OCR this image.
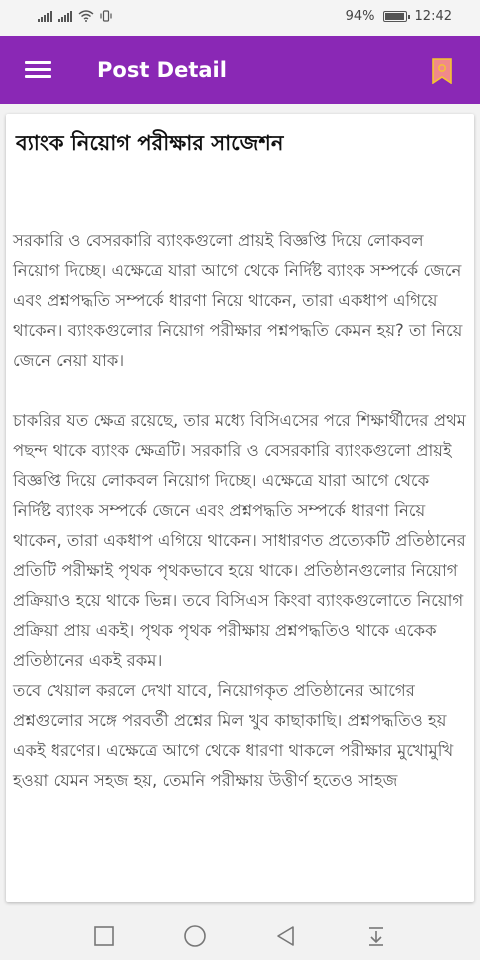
94%	12:42
Post Detail
ব্যাংক নিয়োগ পরীক্ষার সাজেশন

সরকারি ও বেসরকারি ব্যাংকগুলো প্রায়ই বিজ্ঞপ্তি দিয়ে লোকবল নিয়োগ দিচ্ছে। এক্ষেত্রে যারা আগে থেকে নির্দিষ্ট ব্যাংক সম্পর্কে জেনে এবং প্রশ্নপদ্ধতি সম্পর্কে ধারণা নিয়ে থাকেন, তারা একধাপ এগিয়ে থাকেন। ব্যাংকগুলোর নিয়োগ পরীক্ষার পশ্নপদ্ধতি কেমন হয়? তা নিয়ে জেনে নেয়া যাক।

চাকরির যত ক্ষেত্র রয়েছে, তার মধ্যে বিসিএসের পরে শিক্ষার্থীদের প্রথম পছন্দ থাকে ব্যাংক ক্ষেত্রটি। সরকারি ও বেসরকারি ব্যাংকগুলো প্রায়ই বিজ্ঞপ্তি দিয়ে লোকবল নিয়োগ দিচ্ছে। এক্ষেত্রে যারা আগে থেকে নির্দিষ্ট ব্যাংক সম্পর্কে জেনে এবং প্রশ্নপদ্ধতি সম্পর্কে ধারণা নিয়ে থাকেন, তারা একধাপ এগিয়ে থাকেন। সাধারণত প্রত্যেকটি প্রতিষ্ঠানের প্রতিটি পরীক্ষাই পৃথক পৃথকভাবে হয়ে থাকে। প্রতিষ্ঠানগুলোর নিয়োগ প্রক্রিয়াও হয়ে থাকে ভিন্ন। তবে বিসিএস কিংবা ব্যাংকগুলোতে নিয়োগ প্রক্রিয়া প্রায় একই। পৃথক পৃথক পরীক্ষায় প্রশ্নপদ্ধতিও থাকে একেক প্রতিষ্ঠানের একই রকম।

তবে খেয়াল করলে দেখা যাবে, নিয়োগকৃত প্রতিষ্ঠানের আগের প্রশ্নগুলোর সঙ্গে পরবর্তী প্রশ্নের মিল খুব কাছাকাছি। প্রশ্নপদ্ধতিও হয় একই ধরণের। এক্ষেত্রে আগে থেকে ধারণা থাকলে পরীক্ষার মুখোমুখি হওয়া যেমন সহজ হয়, তেমনি পরীক্ষায় উত্তীর্ণ হতেও সাহজ
